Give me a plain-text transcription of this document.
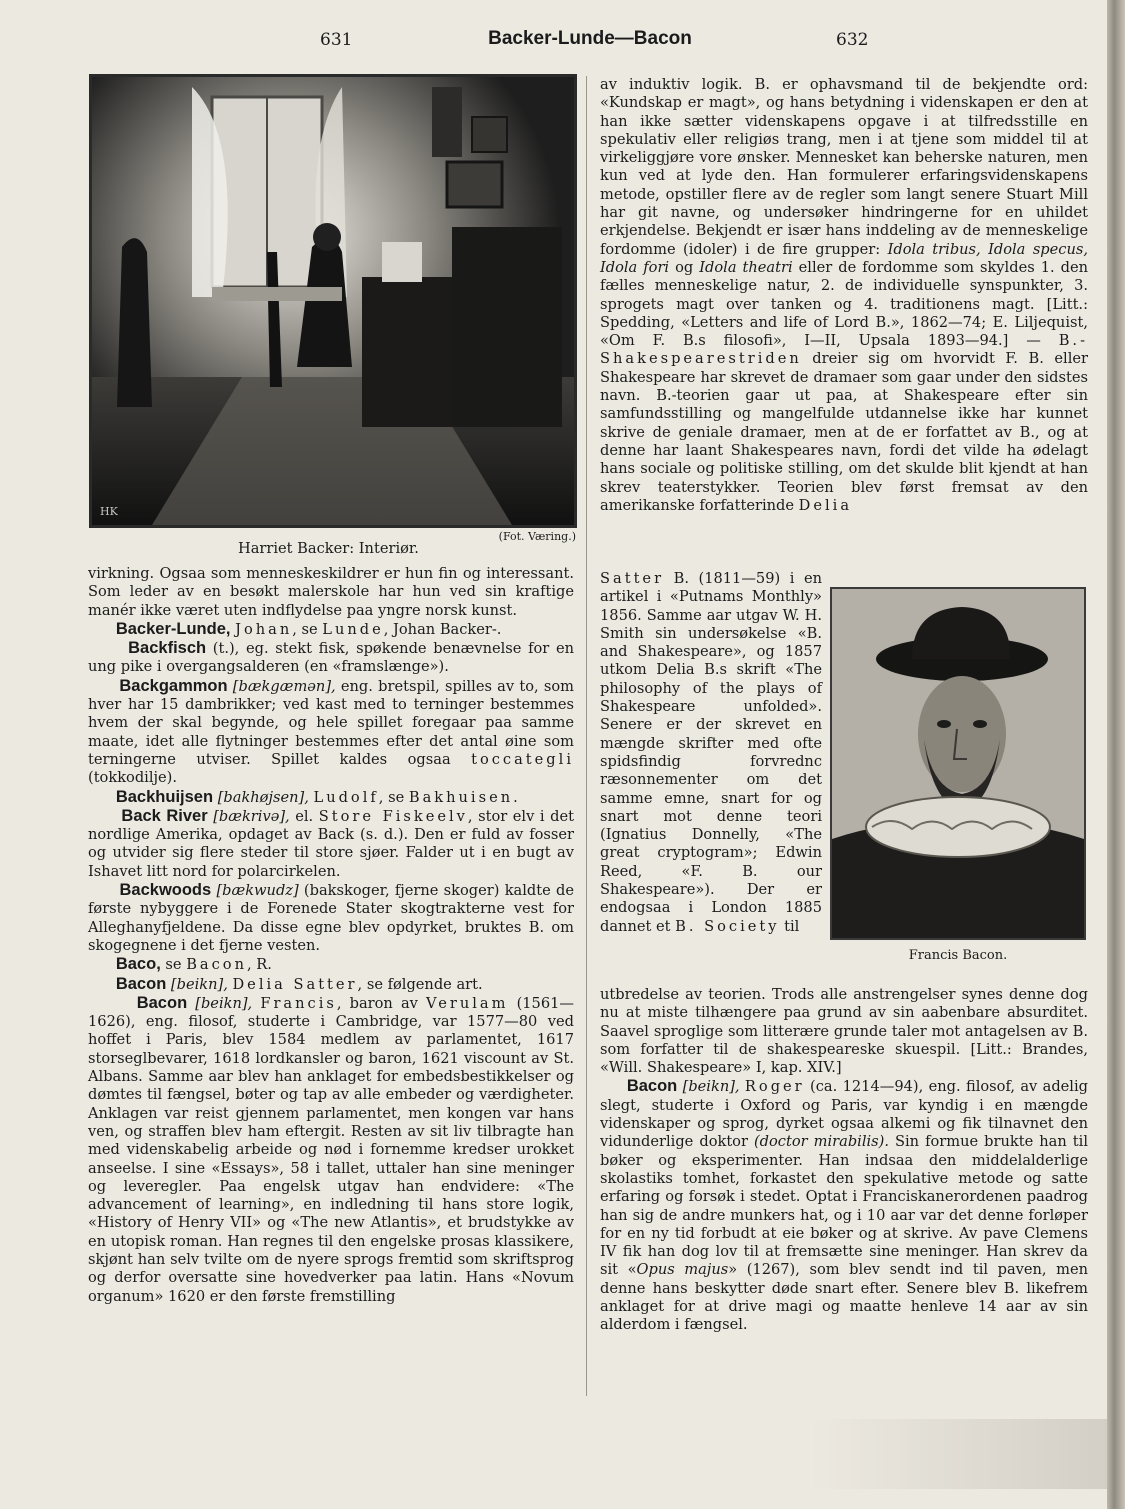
631	Backer-Lunde—Bacon	632
HK
(Fot. Væring.)
Harriet Backer: Interiør.

virkning. Ogsaa som menneskeskildrer er hun fin og interessant. Som leder av en besøkt malerskole har hun ved sin kraftige manér ikke været uten indflydelse paa yngre norsk kunst.

Backer-Lunde, Johan, se Lunde, Johan Backer-.

Backfisch (t.), eg. stekt fisk, spøkende benævnelse for en ung pike i overgangsalderen (en «framslænge»).

Backgammon [bækgæmən], eng. bretspil, spilles av to, som hver har 15 dambrikker; ved kast med to terninger bestemmes hvem der skal begynde, og hele spillet foregaar paa samme maate, idet alle flytninger bestemmes efter det antal øine som terningerne utviser. Spillet kaldes ogsaa toccategli (tokkodilje).

Backhuijsen [bakhøjsen], Ludolf, se Bakhuisen.

Back River [bækrivə], el. Store Fiskeelv, stor elv i det nordlige Amerika, opdaget av Back (s. d.). Den er fuld av fosser og utvider sig flere steder til store sjøer. Falder ut i en bugt av Ishavet litt nord for polarcirkelen.

Backwoods [bækwudz] (bakskoger, fjerne skoger) kaldte de første nybyggere i de Forenede Stater skogtrakterne vest for Alleghanyfjeldene. Da disse egne blev opdyrket, bruktes B. om skogegnene i det fjerne vesten.

Baco, se Bacon, R.

Bacon [beikn], Delia Satter, se følgende art.

Bacon [beikn], Francis, baron av Verulam (1561—1626), eng. filosof, studerte i Cambridge, var 1577—80 ved hoffet i Paris, blev 1584 medlem av parlamentet, 1617 storseglbevarer, 1618 lordkansler og baron, 1621 viscount av St. Albans. Samme aar blev han anklaget for embedsbestikkelser og dømtes til fængsel, bøter og tap av alle embeder og værdigheter. Anklagen var reist gjennem parlamentet, men kongen var hans ven, og straffen blev ham eftergit. Resten av sit liv tilbragte han med videnskabelig arbeide og nød i fornemme kredser urokket anseelse. I sine «Essays», 58 i tallet, uttaler han sine meninger og leveregler. Paa engelsk utgav han endvidere: «The advancement of learning», en indledning til hans store logik, «History of Henry VII» og «The new Atlantis», et brudstykke av en utopisk roman. Han regnes til den engelske prosas klassikere, skjønt han selv tvilte om de nyere sprogs fremtid som skriftsprog og derfor oversatte sine hovedverker paa latin. Hans «Novum organum» 1620 er den første fremstilling

av induktiv logik. B. er ophavsmand til de bekjendte ord: «Kundskap er magt», og hans betydning i videnskapen er den at han ikke sætter videnskapens opgave i at tilfredsstille en spekulativ eller religiøs trang, men i at tjene som middel til at virkeliggjøre vore ønsker. Mennesket kan beherske naturen, men kun ved at lyde den. Han formulerer erfaringsvidenskapens metode, opstiller flere av de regler som langt senere Stuart Mill har git navne, og undersøker hindringerne for en uhildet erkjendelse. Bekjendt er især hans inddeling av de menneskelige fordomme (idoler) i de fire grupper: Idola tribus, Idola specus, Idola fori og Idola theatri eller de fordomme som skyldes 1. den fælles menneskelige natur, 2. de individuelle synspunkter, 3. sprogets magt over tanken og 4. traditionens magt. [Litt.: Spedding, «Letters and life of Lord B.», 1862—74; E. Liljequist, «Om F. B.s filosofi», I—II, Upsala 1893—94.] — B.-Shakespearestriden dreier sig om hvorvidt F. B. eller Shakespeare har skrevet de dramaer som gaar under den sidstes navn. B.-teorien gaar ut paa, at Shakespeare efter sin samfundsstilling og mangelfulde utdannelse ikke har kunnet skrive de geniale dramaer, men at de er forfattet av B., og at denne har laant Shakespeares navn, fordi det vilde ha ødelagt hans sociale og politiske stilling, om det skulde blit kjendt at han skrev teaterstykker. Teorien blev først fremsat av den amerikanske forfatterinde Delia

Satter B. (1811—59) i en artikel i «Putnams Monthly» 1856. Samme aar utgav W. H. Smith sin undersøkelse «B. and Shakespeare», og 1857 utkom Delia B.s skrift «The philosophy of the plays of Shakespeare unfolded». Senere er der skrevet en mængde skrifter med ofte spidsfindig forvrednc ræsonnementer om det samme emne, snart for og snart mot denne teori (Ignatius Donnelly, «The great cryptogram»; Edwin Reed, «F. B. our Shakespeare»). Der er endogsaa i London 1885 dannet et B. Society til

Francis Bacon.

utbredelse av teorien. Trods alle anstrengelser synes denne dog nu at miste tilhængere paa grund av sin aabenbare absurditet. Saavel sproglige som litterære grunde taler mot antagelsen av B. som forfatter til de shakespeareske skuespil. [Litt.: Brandes, «Will. Shakespeare» I, kap. XIV.]

Bacon [beikn], Roger (ca. 1214—94), eng. filosof, av adelig slegt, studerte i Oxford og Paris, var kyndig i en mængde videnskaper og sprog, dyrket ogsaa alkemi og fik tilnavnet den vidunderlige doktor (doctor mirabilis). Sin formue brukte han til bøker og eksperimenter. Han indsaa den middelalderlige skolastiks tomhet, forkastet den spekulative metode og satte erfaring og forsøk i stedet. Optat i Franciskanerordenen paadrog han sig de andre munkers hat, og i 10 aar var det denne forløper for en ny tid forbudt at eie bøker og at skrive. Av pave Clemens IV fik han dog lov til at fremsætte sine meninger. Han skrev da sit «Opus majus» (1267), som blev sendt ind til paven, men denne hans beskytter døde snart efter. Senere blev B. likefrem anklaget for at drive magi og maatte henleve 14 aar av sin alderdom i fængsel.
